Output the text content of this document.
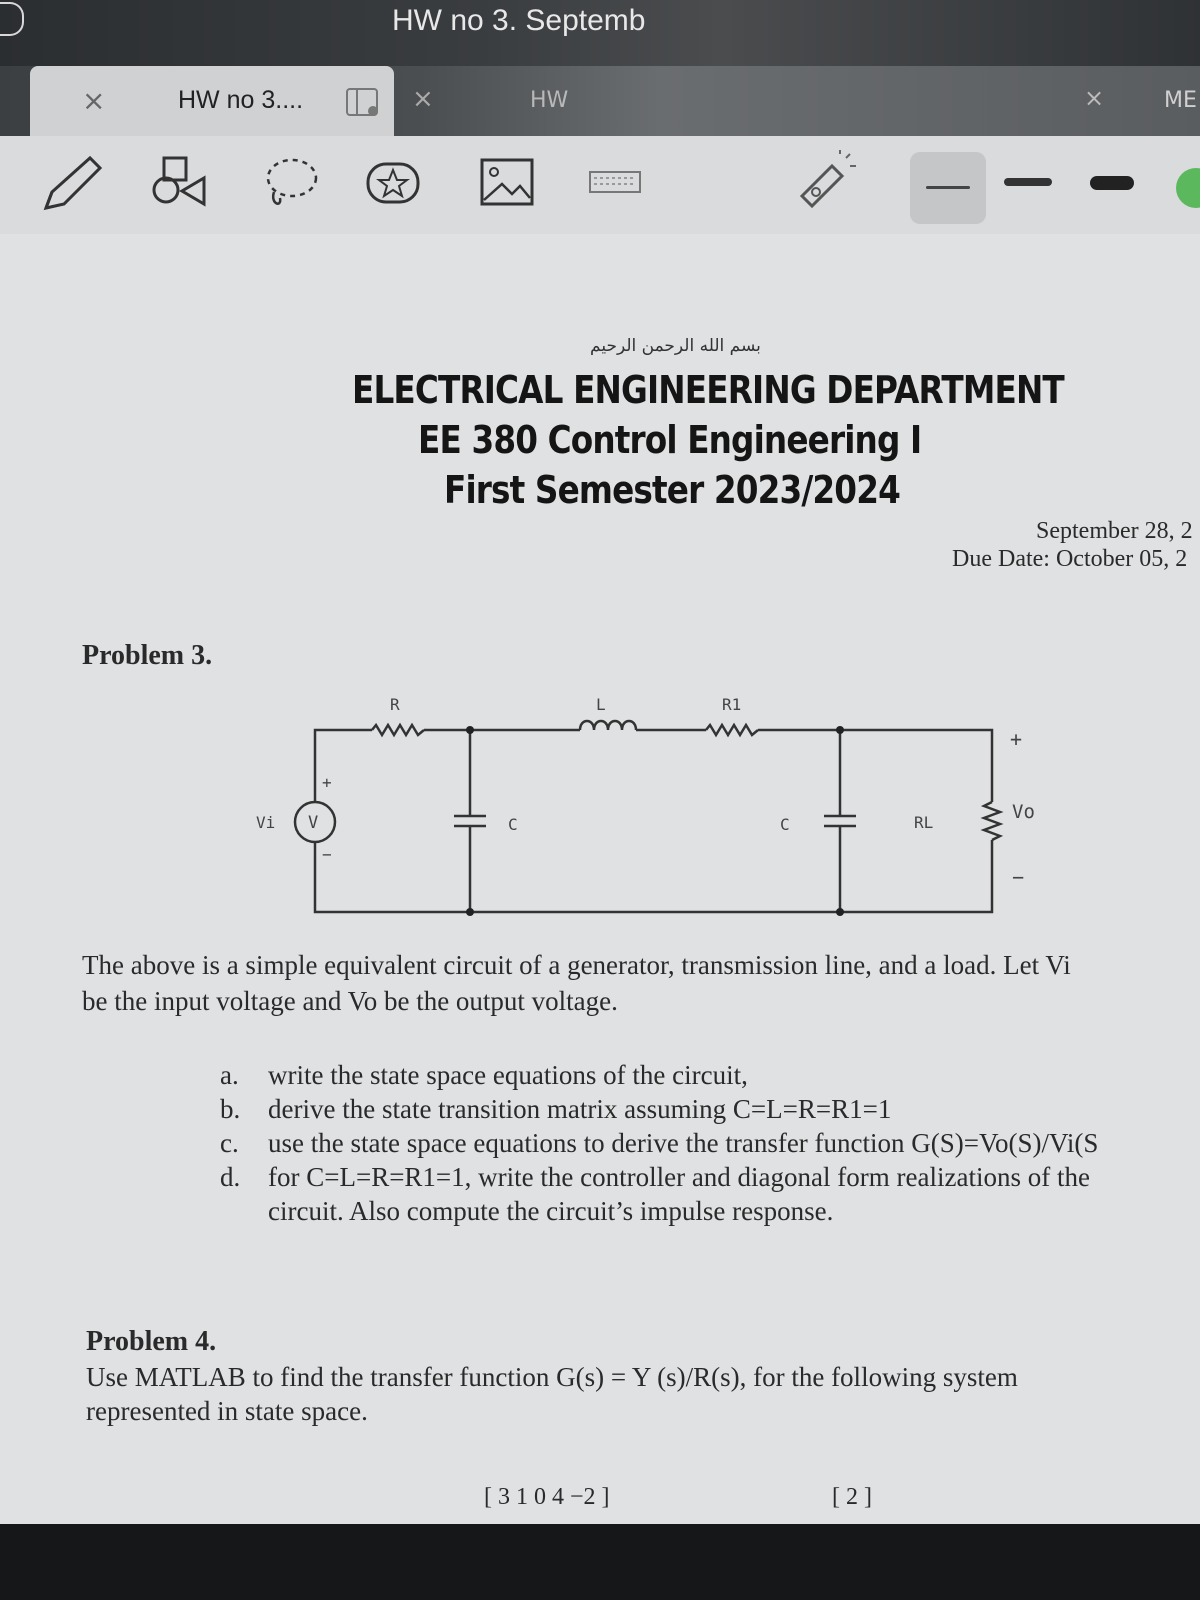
HW no 3. Septemb
×	HW no 3....	×	HW	×	ME
بسم الله الرحمن الرحيم
ELECTRICAL ENGINEERING DEPARTMENT
EE 380 Control Engineering I
First Semester 2023/2024
September 28, 2
Due Date: October 05, 2
Problem 3.
R	L	R1
C	C	RL
Vi V
+
−
+
Vo
−
The above is a simple equivalent circuit of a generator, transmission line, and a load. Let Vi
be the input voltage and Vo be the output voltage.
a.	write the state space equations of the circuit,
b.	derive the state transition matrix assuming C=L=R=R1=1
c.	use the state space equations to derive the transfer function G(S)=Vo(S)/Vi(S
d.	for C=L=R=R1=1, write the controller and diagonal form realizations of the
circuit. Also compute the circuit’s impulse response.
Problem 4.
Use MATLAB to find the transfer function G(s) = Y (s)/R(s), for the following system
represented in state space.
[ 3 1 0 4 −2 ]	[ 2 ]
